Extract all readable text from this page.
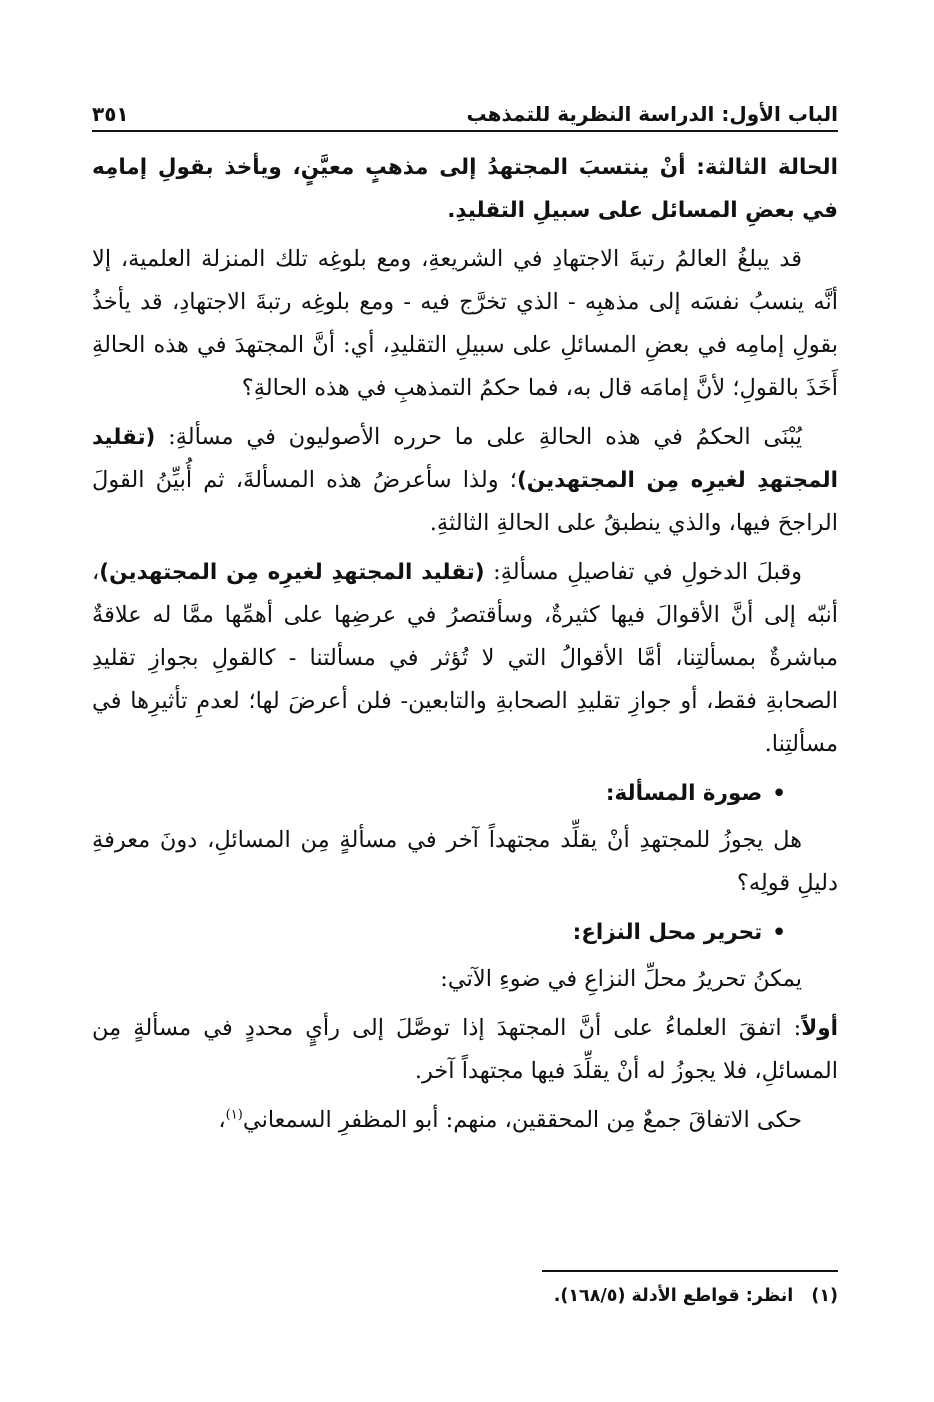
الباب الأول: الدراسة النظرية للتمذهب
٣٥١

الحالة الثالثة: أنْ ينتسبَ المجتهدُ إلى مذهبٍ معيَّنٍ، ويأخذ بقولِ إمامِه في بعضِ المسائل على سبيلِ التقليدِ.

قد يبلغُ العالمُ رتبةَ الاجتهادِ في الشريعةِ، ومع بلوغِه تلك المنزلة العلمية، إلا أنَّه ينسبُ نفسَه إلى مذهبِه - الذي تخرَّج فيه - ومع بلوغِه رتبةَ الاجتهادِ، قد يأخذُ بقولِ إمامِه في بعضِ المسائلِ على سبيلِ التقليدِ، أي: أنَّ المجتهدَ في هذه الحالةِ أَخَذَ بالقولِ؛ لأنَّ إمامَه قال به، فما حكمُ التمذهبِ في هذه الحالةِ؟

يُبْنَى الحكمُ في هذه الحالةِ على ما حرره الأصوليون في مسألةِ: (تقليد المجتهدِ لغيرِه مِن المجتهدين)؛ ولذا سأعرضُ هذه المسألةَ، ثم أُبيِّنُ القولَ الراجحَ فيها، والذي ينطبقُ على الحالةِ الثالثةِ.

وقبلَ الدخولِ في تفاصيلِ مسألةِ: (تقليد المجتهدِ لغيرِه مِن المجتهدين)، أنبّه إلى أنَّ الأقوالَ فيها كثيرةٌ، وسأقتصرُ في عرضِها على أهمِّها ممَّا له علاقةٌ مباشرةٌ بمسألتِنا، أمَّا الأقوالُ التي لا تُؤثر في مسألتنا - كالقولِ بجوازِ تقليدِ الصحابةِ فقط، أو جوازِ تقليدِ الصحابةِ والتابعين- فلن أعرضَ لها؛ لعدمِ تأثيرِها في مسألتِنا.

•صورة المسألة:

هل يجوزُ للمجتهدِ أنْ يقلِّد مجتهداً آخر في مسألةٍ مِن المسائلِ، دونَ معرفةِ دليلِ قولِه؟

•تحرير محل النزاع:

يمكنُ تحريرُ محلِّ النزاعِ في ضوءِ الآتي:

أولاً: اتفقَ العلماءُ على أنَّ المجتهدَ إذا توصَّلَ إلى رأيٍ محددٍ في مسألةٍ مِن المسائلِ، فلا يجوزُ له أنْ يقلِّدَ فيها مجتهداً آخر.

حكى الاتفاقَ جمعٌ مِن المحققين، منهم: أبو المظفرِ السمعاني$^{(١)}$،

(١)انظر: قواطع الأدلة (١٦٨/٥).
